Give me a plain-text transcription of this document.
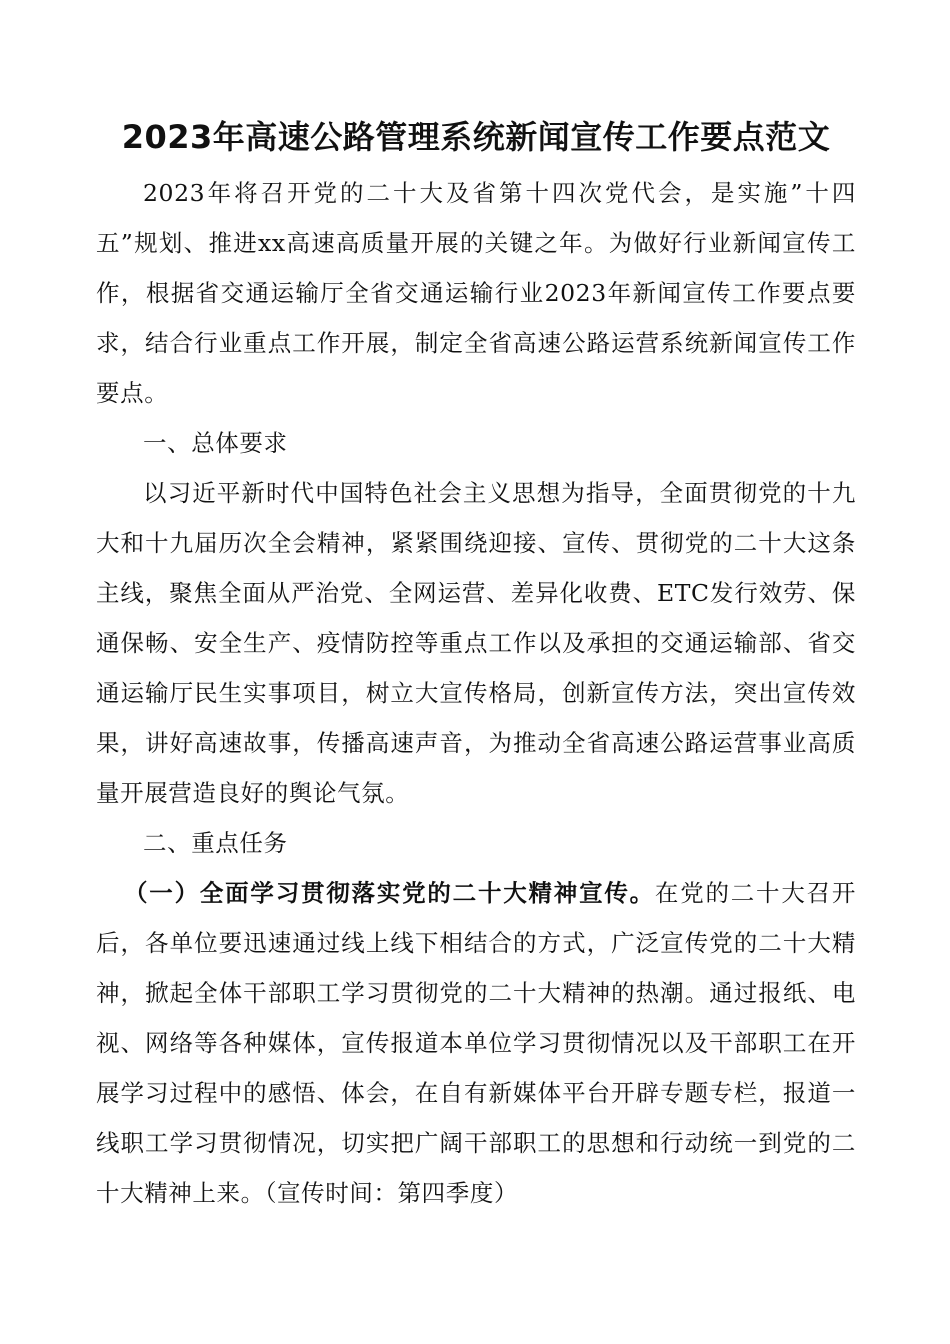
2023年高速公路管理系统新闻宣传工作要点范文

2023年将召开党的二十大及省第十四次党代会，是实施”十四五”规划、推进xx高速高质量开展的关键之年。为做好行业新闻宣传工作，根据省交通运输厅全省交通运输行业2023年新闻宣传工作要点要求，结合行业重点工作开展，制定全省高速公路运营系统新闻宣传工作要点。

一、总体要求

以习近平新时代中国特色社会主义思想为指导，全面贯彻党的十九大和十九届历次全会精神，紧紧围绕迎接、宣传、贯彻党的二十大这条主线，聚焦全面从严治党、全网运营、差异化收费、ETC发行效劳、保通保畅、安全生产、疫情防控等重点工作以及承担的交通运输部、省交通运输厅民生实事项目，树立大宣传格局，创新宣传方法，突出宣传效果，讲好高速故事，传播高速声音，为推动全省高速公路运营事业高质量开展营造良好的舆论气氛。

二、重点任务

（一）全面学习贯彻落实党的二十大精神宣传。在党的二十大召开后，各单位要迅速通过线上线下相结合的方式，广泛宣传党的二十大精神，掀起全体干部职工学习贯彻党的二十大精神的热潮。通过报纸、电视、网络等各种媒体，宣传报道本单位学习贯彻情况以及干部职工在开展学习过程中的感悟、体会，在自有新媒体平台开辟专题专栏，报道一线职工学习贯彻情况，切实把广阔干部职工的思想和行动统一到党的二十大精神上来。（宣传时间：第四季度）
